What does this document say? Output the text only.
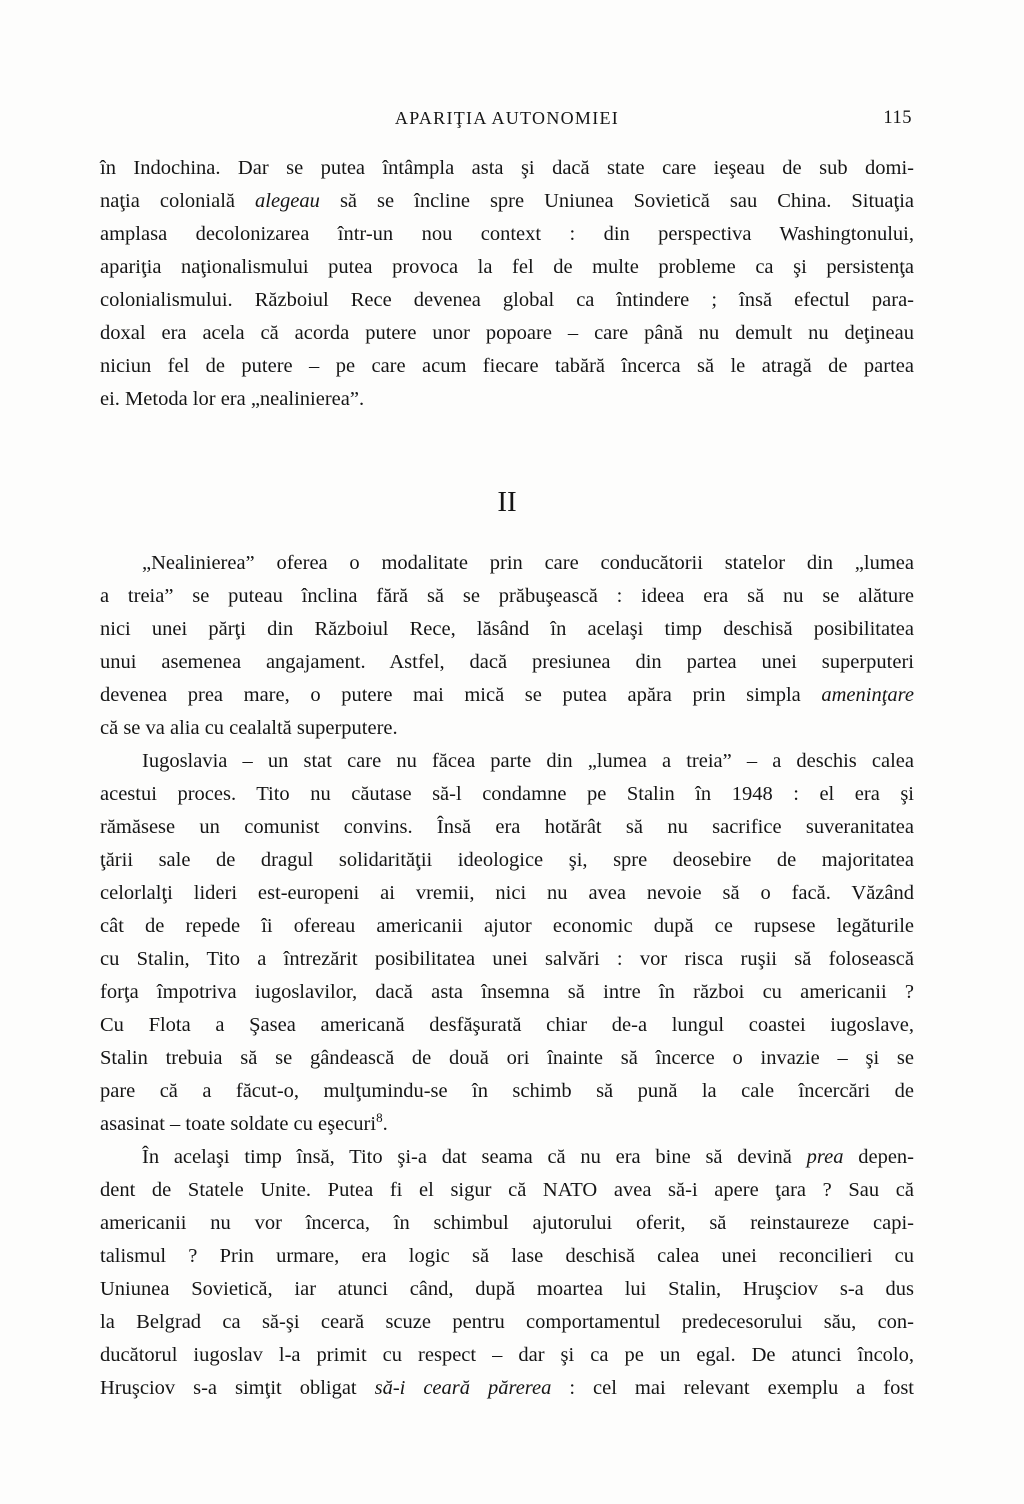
APARIŢIA AUTONOMIEI	115
în Indochina. Dar se putea întâmpla asta şi dacă state care ieşeau de sub domi-
naţia colonială alegeau să se încline spre Uniunea Sovietică sau China. Situaţia
amplasa decolonizarea într-un nou context : din perspectiva Washingtonului,
apariţia naţionalismului putea provoca la fel de multe probleme ca şi persistenţa
colonialismului. Războiul Rece devenea global ca întindere ; însă efectul para-
doxal era acela că acorda putere unor popoare – care până nu demult nu deţineau
niciun fel de putere – pe care acum fiecare tabără încerca să le atragă de partea
ei. Metoda lor era „nealinierea”.
II
„Nealinierea” oferea o modalitate prin care conducătorii statelor din „lumea
a treia” se puteau înclina fără să se prăbuşească : ideea era să nu se alăture
nici unei părţi din Războiul Rece, lăsând în acelaşi timp deschisă posibilitatea
unui asemenea angajament. Astfel, dacă presiunea din partea unei superputeri
devenea prea mare, o putere mai mică se putea apăra prin simpla ameninţare
că se va alia cu cealaltă superputere.
Iugoslavia – un stat care nu făcea parte din „lumea a treia” – a deschis calea
acestui proces. Tito nu căutase să-l condamne pe Stalin în 1948 : el era şi
rămăsese un comunist convins. Însă era hotărât să nu sacrifice suveranitatea
ţării sale de dragul solidarităţii ideologice şi, spre deosebire de majoritatea
celorlalţi lideri est-europeni ai vremii, nici nu avea nevoie să o facă. Văzând
cât de repede îi ofereau americanii ajutor economic după ce rupsese legăturile
cu Stalin, Tito a întrezărit posibilitatea unei salvări : vor risca ruşii să folosească
forţa împotriva iugoslavilor, dacă asta însemna să intre în război cu americanii ?
Cu Flota a Şasea americană desfăşurată chiar de-a lungul coastei iugoslave,
Stalin trebuia să se gândească de două ori înainte să încerce o invazie – şi se
pare că a făcut-o, mulţumindu-se în schimb să pună la cale încercări de
asasinat – toate soldate cu eşecuri$^8$.
În acelaşi timp însă, Tito şi-a dat seama că nu era bine să devină prea depen-
dent de Statele Unite. Putea fi el sigur că NATO avea să-i apere ţara ? Sau că
americanii nu vor încerca, în schimbul ajutorului oferit, să reinstaureze capi-
talismul ? Prin urmare, era logic să lase deschisă calea unei reconcilieri cu
Uniunea Sovietică, iar atunci când, după moartea lui Stalin, Hruşciov s-a dus
la Belgrad ca să-şi ceară scuze pentru comportamentul predecesorului său, con-
ducătorul iugoslav l-a primit cu respect – dar şi ca pe un egal. De atunci încolo,
Hruşciov s-a simţit obligat să-i ceară părerea : cel mai relevant exemplu a fost
